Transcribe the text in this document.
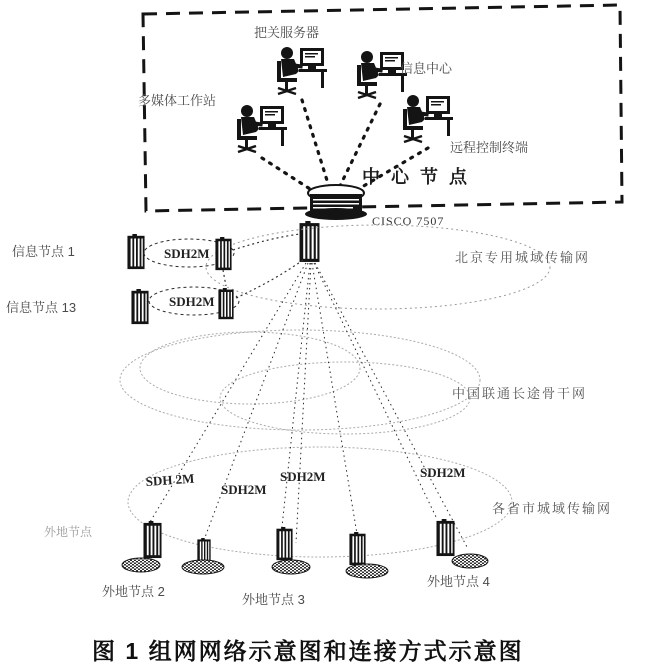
把关服务器
信息中心
多媒体工作站
远程控制终端
中心节点
CISCO 7507
北京专用城域传输网
信息节点 1	SDH2M
信息节点 13	SDH2M
中国联通长途骨干网
各省市城域传输网
SDH 2M
SDH2M
SDH2M	SDH2M
外地节点
外地节点 2
外地节点 3
外地节点 4
图 1 组网网络示意图和连接方式示意图
